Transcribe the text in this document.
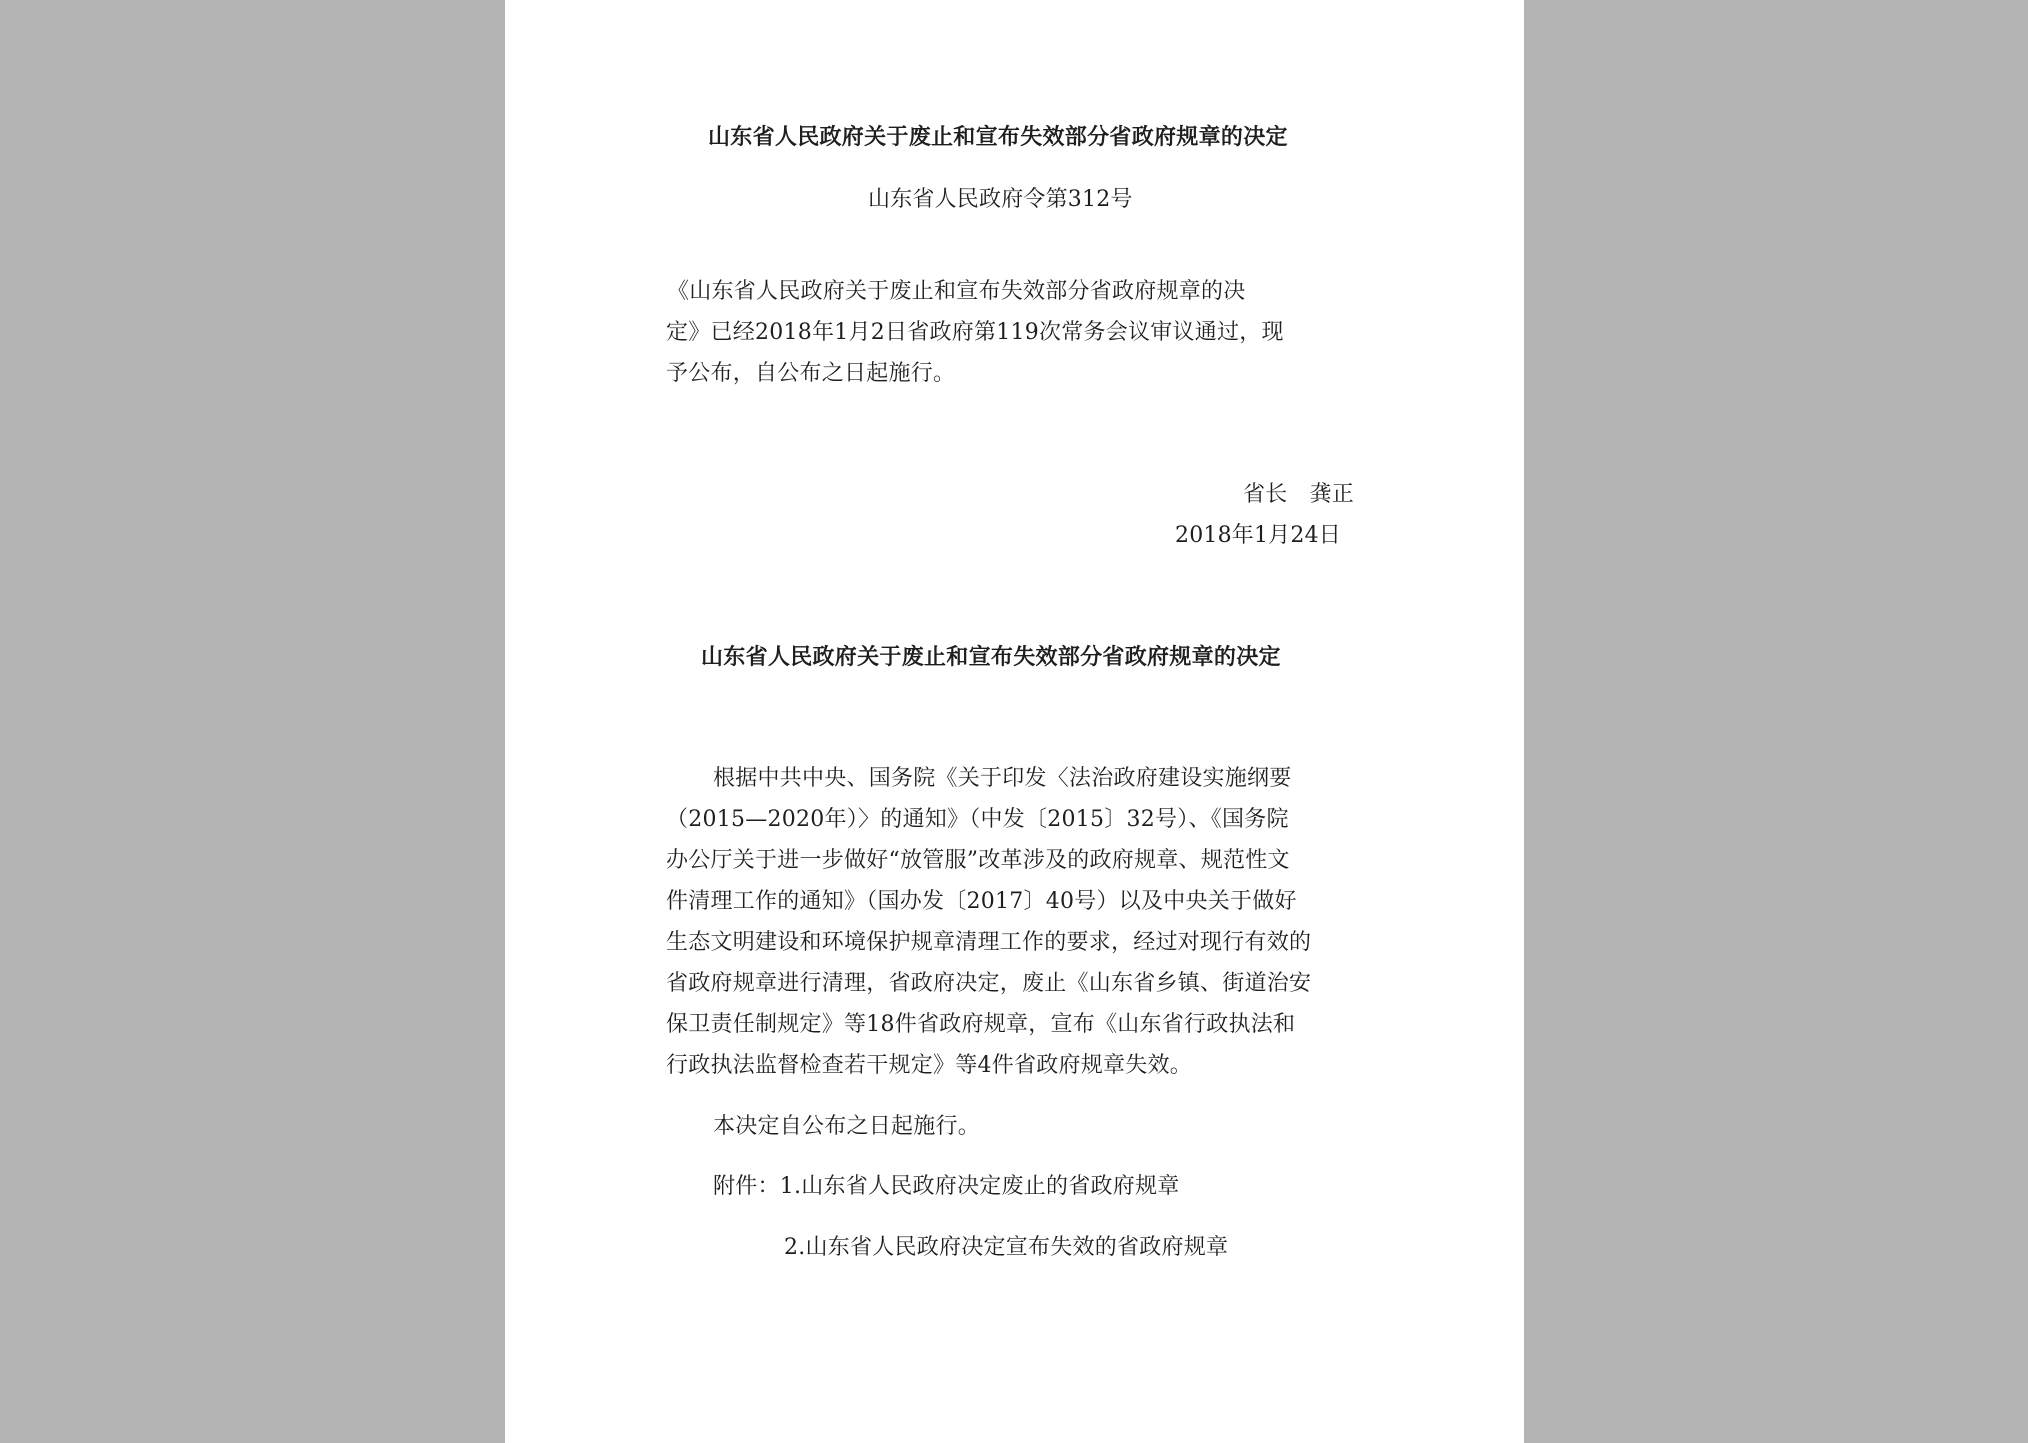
山东省人民政府关于废止和宣布失效部分省政府规章的决定
山东省人民政府令第312号
《山东省人民政府关于废止和宣布失效部分省政府规章的决
定》已经2018年1月2日省政府第119次常务会议审议通过，现
予公布，自公布之日起施行。
省长　龚正
2018年1月24日
山东省人民政府关于废止和宣布失效部分省政府规章的决定
根据中共中央、国务院《关于印发〈法治政府建设实施纲要
（2015—2020年）〉的通知》（中发〔2015〕32号）、《国务院
办公厅关于进一步做好“放管服”改革涉及的政府规章、规范性文
件清理工作的通知》（国办发〔2017〕40号）以及中央关于做好
生态文明建设和环境保护规章清理工作的要求，经过对现行有效的
省政府规章进行清理，省政府决定，废止《山东省乡镇、街道治安
保卫责任制规定》等18件省政府规章，宣布《山东省行政执法和
行政执法监督检查若干规定》等4件省政府规章失效。
本决定自公布之日起施行。
附件：1.山东省人民政府决定废止的省政府规章
2.山东省人民政府决定宣布失效的省政府规章
